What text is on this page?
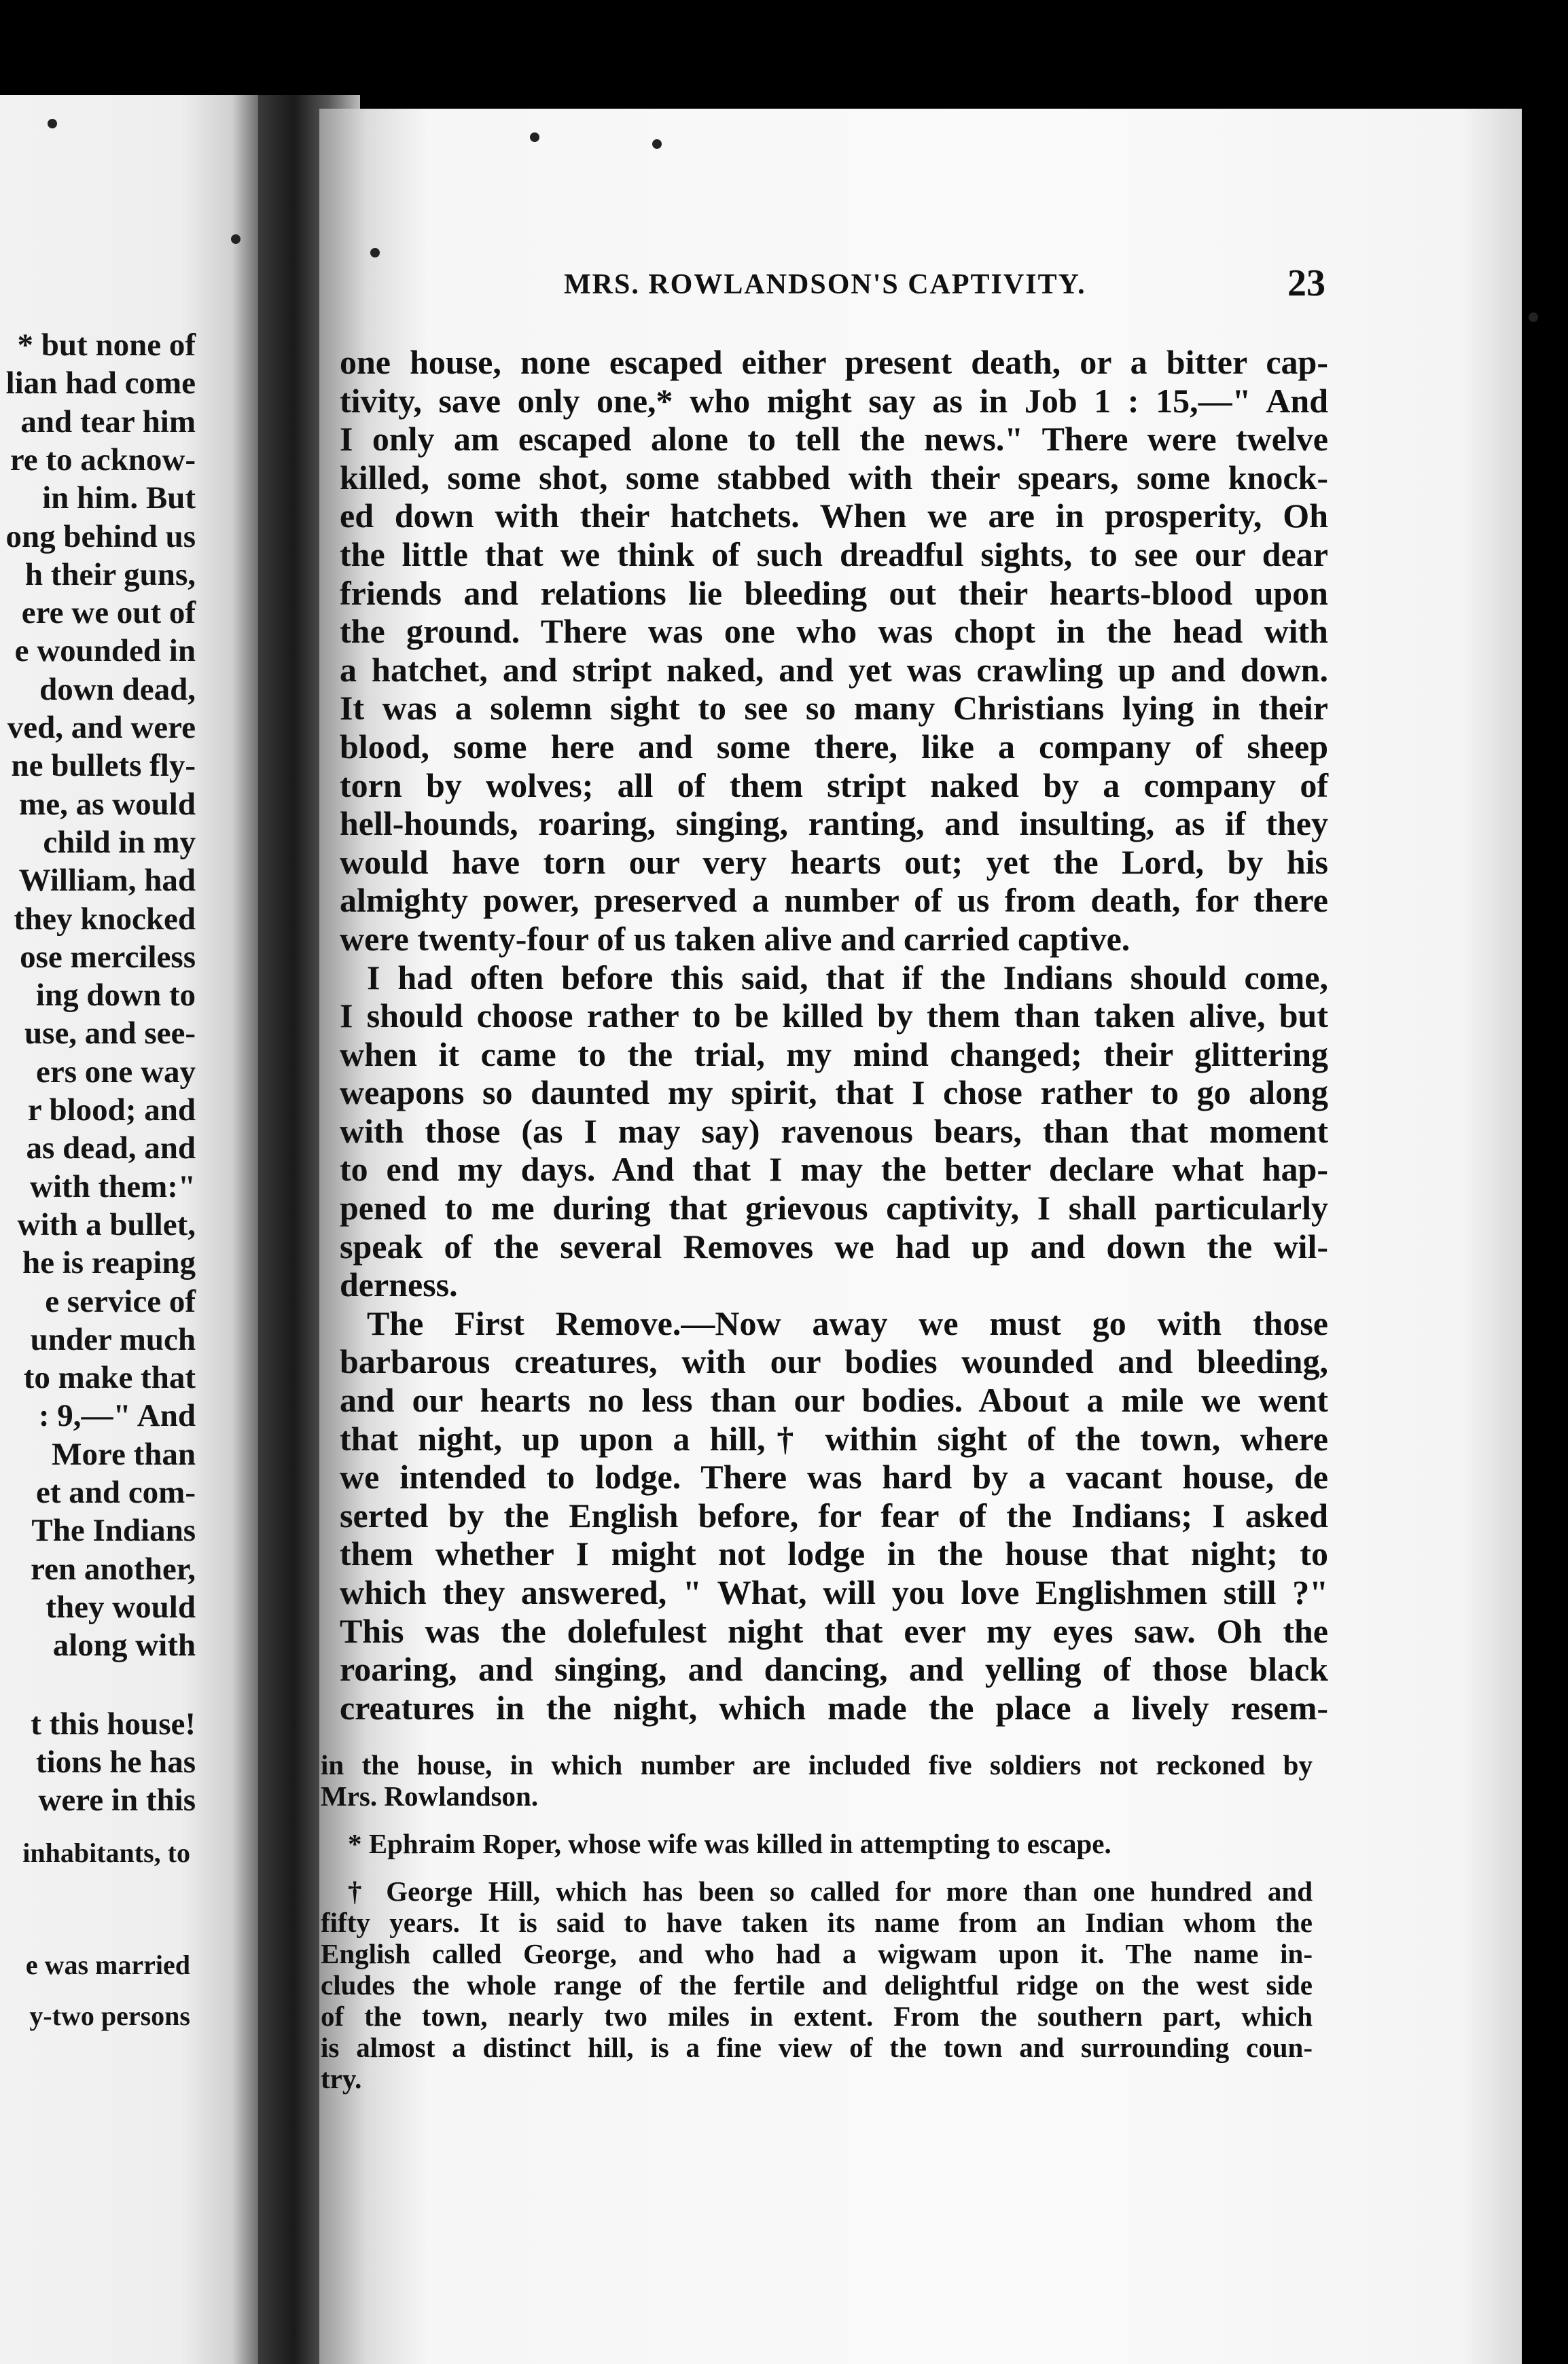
* but none of
lian had come
and tear him
re to acknow-
in him. But
ong behind us
h their guns,
ere we out of
e wounded in
down dead,
ved, and were
ne bullets fly-
me, as would
child in my
William, had
they knocked
ose merciless
ing down to
use, and see-
ers one way
r blood; and
as dead, and
with them:"
with a bullet,
he is reaping
e service of
under much
to make that
: 9,—" And
More than
et and com-
The Indians
ren another,
they would
along with
t this house!
tions he has
were in this
inhabitants, to
e was married
y-two persons
MRS. ROWLANDSON'S CAPTIVITY.	23
one house, none escaped either present death, or a bitter cap-
tivity, save only one,* who might say as in Job 1 : 15,—" And
I only am escaped alone to tell the news." There were twelve
killed, some shot, some stabbed with their spears, some knock-
ed down with their hatchets. When we are in prosperity, Oh
the little that we think of such dreadful sights, to see our dear
friends and relations lie bleeding out their hearts-blood upon
the ground. There was one who was chopt in the head with
a hatchet, and stript naked, and yet was crawling up and down.
It was a solemn sight to see so many Christians lying in their
blood, some here and some there, like a company of sheep
torn by wolves; all of them stript naked by a company of
hell-hounds, roaring, singing, ranting, and insulting, as if they
would have torn our very hearts out; yet the Lord, by his
almighty power, preserved a number of us from death, for there
were twenty-four of us taken alive and carried captive.
I had often before this said, that if the Indians should come,
I should choose rather to be killed by them than taken alive, but
when it came to the trial, my mind changed; their glittering
weapons so daunted my spirit, that I chose rather to go along
with those (as I may say) ravenous bears, than that moment
to end my days. And that I may the better declare what hap-
pened to me during that grievous captivity, I shall particularly
speak of the several Removes we had up and down the wil-
derness.
The First Remove.—Now away we must go with those
barbarous creatures, with our bodies wounded and bleeding,
and our hearts no less than our bodies. About a mile we went
that night, up upon a hill,† within sight of the town, where
we intended to lodge. There was hard by a vacant house, de
serted by the English before, for fear of the Indians; I asked
them whether I might not lodge in the house that night; to
which they answered, " What, will you love Englishmen still ?"
This was the dolefulest night that ever my eyes saw. Oh the
roaring, and singing, and dancing, and yelling of those black
creatures in the night, which made the place a lively resem-
in the house, in which number are included five soldiers not reckoned by
Mrs. Rowlandson.
* Ephraim Roper, whose wife was killed in attempting to escape.
† George Hill, which has been so called for more than one hundred and
fifty years. It is said to have taken its name from an Indian whom the
English called George, and who had a wigwam upon it. The name in-
cludes the whole range of the fertile and delightful ridge on the west side
of the town, nearly two miles in extent. From the southern part, which
is almost a distinct hill, is a fine view of the town and surrounding coun-
try.
